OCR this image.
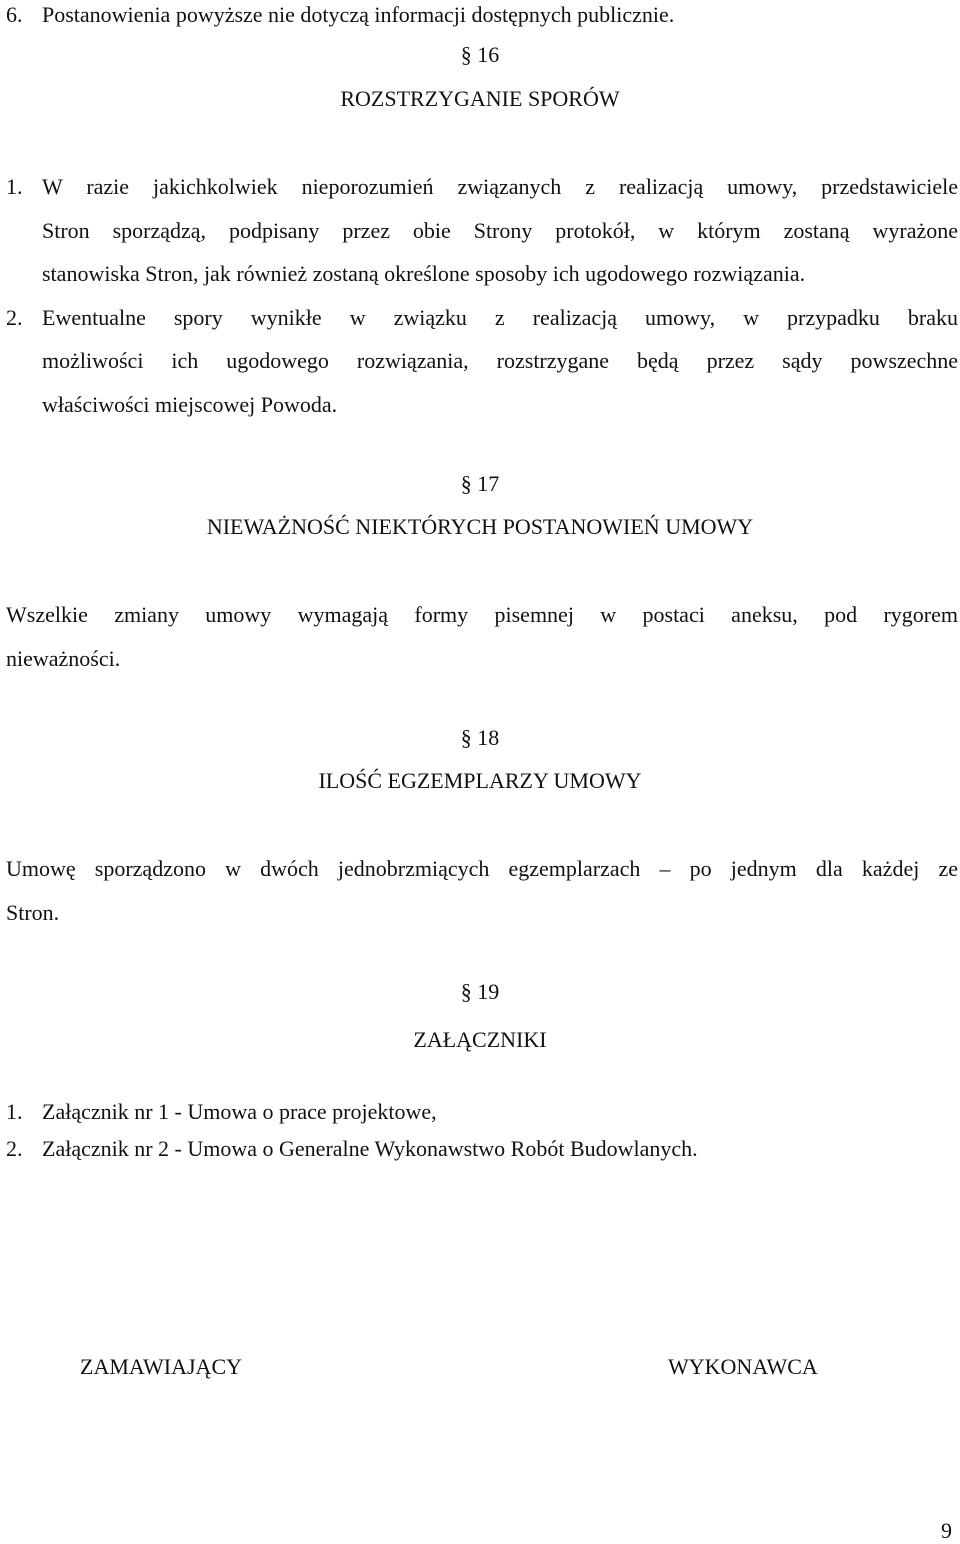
6. Postanowienia powyższe nie dotyczą informacji dostępnych publicznie.
§ 16
ROZSTRZYGANIE SPORÓW
1. W razie jakichkolwiek nieporozumień związanych z realizacją umowy, przedstawiciele
Stron sporządzą, podpisany przez obie Strony protokół, w którym zostaną wyrażone
stanowiska Stron, jak również zostaną określone sposoby ich ugodowego rozwiązania.
2. Ewentualne spory wynikłe w związku z realizacją umowy, w przypadku braku
możliwości ich ugodowego rozwiązania, rozstrzygane będą przez sądy powszechne
właściwości miejscowej Powoda.
§ 17
NIEWAŻNOŚĆ NIEKTÓRYCH POSTANOWIEŃ UMOWY
Wszelkie zmiany umowy wymagają formy pisemnej w postaci aneksu, pod rygorem
nieważności.
§ 18
ILOŚĆ EGZEMPLARZY UMOWY
Umowę sporządzono w dwóch jednobrzmiących egzemplarzach – po jednym dla każdej ze
Stron.
§ 19
ZAŁĄCZNIKI
1. Załącznik nr 1 - Umowa o prace projektowe,
2. Załącznik nr 2 - Umowa o Generalne Wykonawstwo Robót Budowlanych.
ZAMAWIAJĄCY	WYKONAWCA
9
